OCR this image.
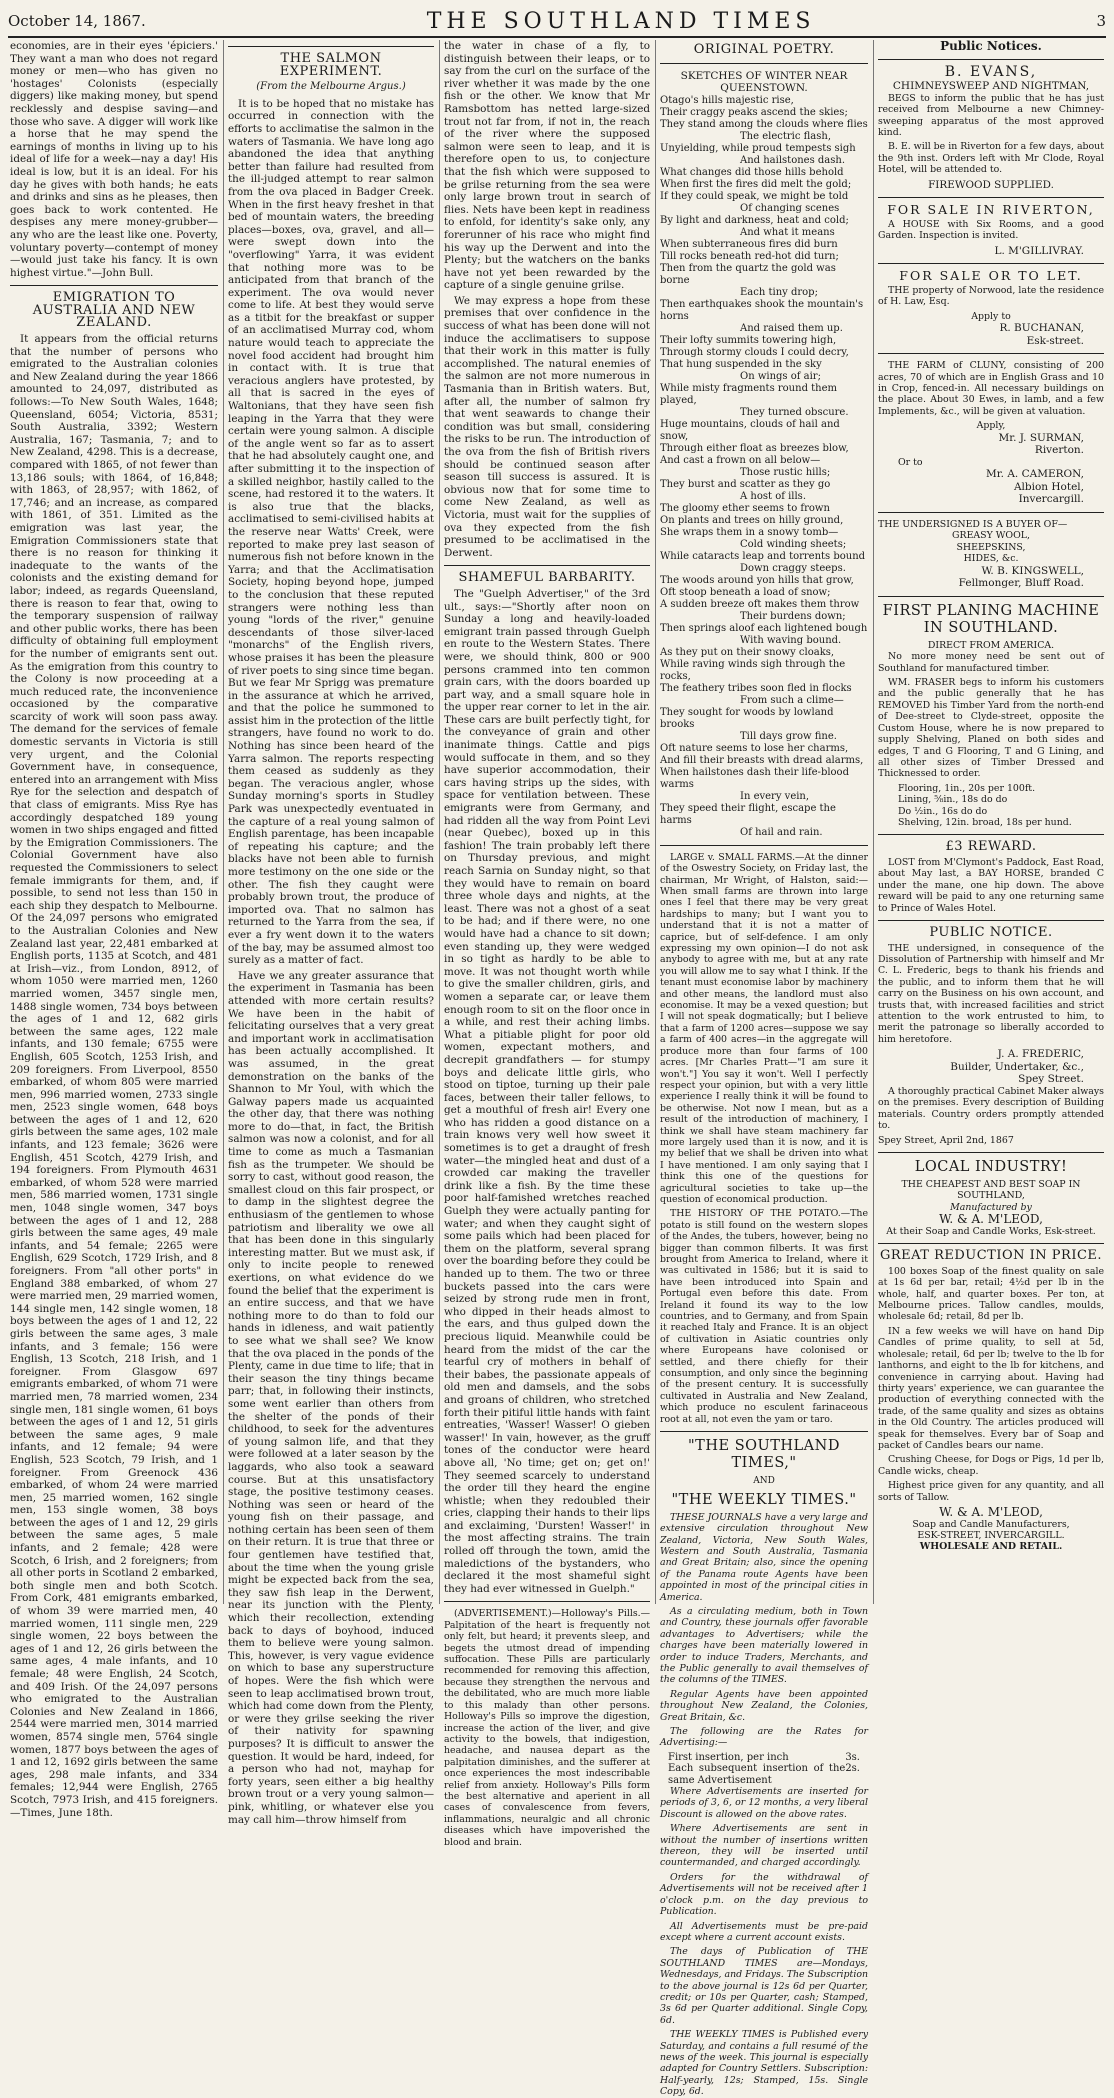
October 14, 1867.	THE SOUTHLAND TIMES	3

economies, are in their eyes 'épiciers.' They want a man who does not regard money or men—who has given no 'hostages' Colonists (especially diggers) like making money, but spend recklessly and despise saving—and those who save. A digger will work like a horse that he may spend the earnings of months in living up to his ideal of life for a week—nay a day! His ideal is low, but it is an ideal. For his day he gives with both hands; he eats and drinks and sins as he pleases, then goes back to work contented. He despises any mere money-grubber—any who are the least like one. Poverty, voluntary poverty—contempt of money—would just take his fancy. It is own highest virtue."—John Bull.

EMIGRATION TO AUSTRALIA AND NEW ZEALAND.

It appears from the official returns that the number of persons who emigrated to the Australian colonies and New Zealand during the year 1866 amounted to 24,097, distributed as follows:—To New South Wales, 1648; Queensland, 6054; Victoria, 8531; South Australia, 3392; Western Australia, 167; Tasmania, 7; and to New Zealand, 4298. This is a decrease, compared with 1865, of not fewer than 13,186 souls; with 1864, of 16,848; with 1863, of 28,957; with 1862, of 17,746; and an increase, as compared with 1861, of 351. Limited as the emigration was last year, the Emigration Commissioners state that there is no reason for thinking it inadequate to the wants of the colonists and the existing demand for labor; indeed, as regards Queensland, there is reason to fear that, owing to the temporary suspension of railway and other public works, there has been difficulty of obtaining full employment for the number of emigrants sent out. As the emigration from this country to the Colony is now proceeding at a much reduced rate, the inconvenience occasioned by the comparative scarcity of work will soon pass away. The demand for the services of female domestic servants in Victoria is still very urgent, and the Colonial Government have, in consequence, entered into an arrangement with Miss Rye for the selection and despatch of that class of emigrants. Miss Rye has accordingly despatched 189 young women in two ships engaged and fitted by the Emigration Commissioners. The Colonial Government have also requested the Commissioners to select female immigrants for them, and, if possible, to send not less than 150 in each ship they despatch to Melbourne. Of the 24,097 persons who emigrated to the Australian Colonies and New Zealand last year, 22,481 embarked at English ports, 1135 at Scotch, and 481 at Irish—viz., from London, 8912, of whom 1050 were married men, 1260 married women, 3457 single men, 1488 single women, 734 boys between the ages of 1 and 12, 682 girls between the same ages, 122 male infants, and 130 female; 6755 were English, 605 Scotch, 1253 Irish, and 209 foreigners. From Liverpool, 8550 embarked, of whom 805 were married men, 996 married women, 2733 single men, 2523 single women, 648 boys between the ages of 1 and 12, 620 girls between the same ages, 102 male infants, and 123 female; 3626 were English, 451 Scotch, 4279 Irish, and 194 foreigners. From Plymouth 4631 embarked, of whom 528 were married men, 586 married women, 1731 single men, 1048 single women, 347 boys between the ages of 1 and 12, 288 girls between the same ages, 49 male infants, and 54 female; 2265 were English, 629 Scotch, 1729 Irish, and 8 foreigners. From "all other ports" in England 388 embarked, of whom 27 were married men, 29 married women, 144 single men, 142 single women, 18 boys between the ages of 1 and 12, 22 girls between the same ages, 3 male infants, and 3 female; 156 were English, 13 Scotch, 218 Irish, and 1 foreigner. From Glasgow 697 emigrants embarked, of whom 71 were married men, 78 married women, 234 single men, 181 single women, 61 boys between the ages of 1 and 12, 51 girls between the same ages, 9 male infants, and 12 female; 94 were English, 523 Scotch, 79 Irish, and 1 foreigner. From Greenock 436 embarked, of whom 24 were married men, 25 married women, 162 single men, 153 single women, 38 boys between the ages of 1 and 12, 29 girls between the same ages, 5 male infants, and 2 female; 428 were Scotch, 6 Irish, and 2 foreigners; from all other ports in Scotland 2 embarked, both single men and both Scotch. From Cork, 481 emigrants embarked, of whom 39 were married men, 40 married women, 111 single men, 229 single women, 22 boys between the ages of 1 and 12, 26 girls between the same ages, 4 male infants, and 10 female; 48 were English, 24 Scotch, and 409 Irish. Of the 24,097 persons who emigrated to the Australian Colonies and New Zealand in 1866, 2544 were married men, 3014 married women, 8574 single men, 5764 single women, 1877 boys between the ages of 1 and 12, 1692 girls between the same ages, 298 male infants, and 334 females; 12,944 were English, 2765 Scotch, 7973 Irish, and 415 foreigners.—Times, June 18th.

THE SALMON EXPERIMENT.
(From the Melbourne Argus.)

It is to be hoped that no mistake has occurred in connection with the efforts to acclimatise the salmon in the waters of Tasmania. We have long ago abandoned the idea that anything better than failure had resulted from the ill-judged attempt to rear salmon from the ova placed in Badger Creek. When in the first heavy freshet in that bed of mountain waters, the breeding places—boxes, ova, gravel, and all—were swept down into the "overflowing" Yarra, it was evident that nothing more was to be anticipated from that branch of the experiment. The ova would never come to life. At best they would serve as a titbit for the breakfast or supper of an acclimatised Murray cod, whom nature would teach to appreciate the novel food accident had brought him in contact with. It is true that veracious anglers have protested, by all that is sacred in the eyes of Waltonians, that they have seen fish leaping in the Yarra that they were certain were young salmon. A disciple of the angle went so far as to assert that he had absolutely caught one, and after submitting it to the inspection of a skilled neighbor, hastily called to the scene, had restored it to the waters. It is also true that the blacks, acclimatised to semi-civilised habits at the reserve near Watts' Creek, were reported to make prey last season of numerous fish not before known in the Yarra; and that the Acclimatisation Society, hoping beyond hope, jumped to the conclusion that these reputed strangers were nothing less than young "lords of the river," genuine descendants of those silver-laced "monarchs" of the English rivers, whose praises it has been the pleasure of river poets to sing since time began. But we fear Mr Sprigg was premature in the assurance at which he arrived, and that the police he summoned to assist him in the protection of the little strangers, have found no work to do. Nothing has since been heard of the Yarra salmon. The reports respecting them ceased as suddenly as they began. The veracious angler, whose Sunday morning's sports in Studley Park was unexpectedly eventuated in the capture of a real young salmon of English parentage, has been incapable of repeating his capture; and the blacks have not been able to furnish more testimony on the one side or the other. The fish they caught were probably brown trout, the produce of imported ova. That no salmon has returned to the Yarra from the sea, if ever a fry went down it to the waters of the bay, may be assumed almost too surely as a matter of fact.

Have we any greater assurance that the experiment in Tasmania has been attended with more certain results? We have been in the habit of felicitating ourselves that a very great and important work in acclimatisation has been actually accomplished. It was assumed, in the great demonstration on the banks of the Shannon to Mr Youl, with which the Galway papers made us acquainted the other day, that there was nothing more to do—that, in fact, the British salmon was now a colonist, and for all time to come as much a Tasmanian fish as the trumpeter. We should be sorry to cast, without good reason, the smallest cloud on this fair prospect, or to damp in the slightest degree the enthusiasm of the gentlemen to whose patriotism and liberality we owe all that has been done in this singularly interesting matter. But we must ask, if only to incite people to renewed exertions, on what evidence do we found the belief that the experiment is an entire success, and that we have nothing more to do than to fold our hands in idleness, and wait patiently to see what we shall see? We know that the ova placed in the ponds of the Plenty, came in due time to life; that in their season the tiny things became parr; that, in following their instincts, some went earlier than others from the shelter of the ponds of their childhood, to seek for the adventures of young salmon life, and that they were followed at a later season by the laggards, who also took a seaward course. But at this unsatisfactory stage, the positive testimony ceases. Nothing was seen or heard of the young fish on their passage, and nothing certain has been seen of them on their return. It is true that three or four gentlemen have testified that, about the time when the young grisle might be expected back from the sea, they saw fish leap in the Derwent, near its junction with the Plenty, which their recollection, extending back to days of boyhood, induced them to believe were young salmon. This, however, is very vague evidence on which to base any superstructure of hopes. Were the fish which were seen to leap acclimatised brown trout, which had come down from the Plenty, or were they grilse seeking the river of their nativity for spawning purposes? It is difficult to answer the question. It would be hard, indeed, for a person who had not, mayhap for forty years, seen either a big healthy brown trout or a very young salmon—pink, whitling, or whatever else you may call him—throw himself from

the water in chase of a fly, to distinguish between their leaps, or to say from the curl on the surface of the river whether it was made by the one fish or the other. We know that Mr Ramsbottom has netted large-sized trout not far from, if not in, the reach of the river where the supposed salmon were seen to leap, and it is therefore open to us, to conjecture that the fish which were supposed to be grilse returning from the sea were only large brown trout in search of flies. Nets have been kept in readiness to enfold, for identity's sake only, any forerunner of his race who might find his way up the Derwent and into the Plenty; but the watchers on the banks have not yet been rewarded by the capture of a single genuine grilse.

We may express a hope from these premises that over confidence in the success of what has been done will not induce the acclimatisers to suppose that their work in this matter is fully accomplished. The natural enemies of the salmon are not more numerous in Tasmania than in British waters. But, after all, the number of salmon fry that went seawards to change their condition was but small, considering the risks to be run. The introduction of the ova from the fish of British rivers should be continued season after season till success is assured. It is obvious now that for some time to come New Zealand, as well as Victoria, must wait for the supplies of ova they expected from the fish presumed to be acclimatised in the Derwent.

SHAMEFUL BARBARITY.

The "Guelph Advertiser," of the 3rd ult., says:—"Shortly after noon on Sunday a long and heavily-loaded emigrant train passed through Guelph en route to the Western States. There were, we should think, 800 or 900 persons crammed into ten common grain cars, with the doors boarded up part way, and a small square hole in the upper rear corner to let in the air. These cars are built perfectly tight, for the conveyance of grain and other inanimate things. Cattle and pigs would suffocate in them, and so they have superior accommodation, their cars having strips up the sides, with space for ventilation between. These emigrants were from Germany, and had ridden all the way from Point Levi (near Quebec), boxed up in this fashion! The train probably left there on Thursday previous, and might reach Sarnia on Sunday night, so that they would have to remain on board three whole days and nights, at the least. There was not a ghost of a seat to be had; and if there were, no one would have had a chance to sit down; even standing up, they were wedged in so tight as hardly to be able to move. It was not thought worth while to give the smaller children, girls, and women a separate car, or leave them enough room to sit on the floor once in a while, and rest their aching limbs. What a pitiable plight for poor old women, expectant mothers, and decrepit grandfathers — for stumpy boys and delicate little girls, who stood on tiptoe, turning up their pale faces, between their taller fellows, to get a mouthful of fresh air! Every one who has ridden a good distance on a train knows very well how sweet it sometimes is to get a draught of fresh water—the mingled heat and dust of a crowded car making the traveller drink like a fish. By the time these poor half-famished wretches reached Guelph they were actually panting for water; and when they caught sight of some pails which had been placed for them on the platform, several sprang over the boarding before they could be handed up to them. The two or three buckets passed into the cars were seized by strong rude men in front, who dipped in their heads almost to the ears, and thus gulped down the precious liquid. Meanwhile could be heard from the midst of the car the tearful cry of mothers in behalf of their babes, the passionate appeals of old men and damsels, and the sobs and groans of children, who stretched forth their pitiful little hands with faint entreaties, 'Wasser! Wasser! O gieben wasser!' In vain, however, as the gruff tones of the conductor were heard above all, 'No time; get on; get on!' They seemed scarcely to understand the order till they heard the engine whistle; when they redoubled their cries, clapping their hands to their lips and exclaiming, 'Dursten! Wasser!' in the most affecting strains. The train rolled off through the town, amid the maledictions of the bystanders, who declared it the most shameful sight they had ever witnessed in Guelph."

(ADVERTISEMENT.)—Holloway's Pills.—Palpitation of the heart is frequently not only felt, but heard; it prevents sleep, and begets the utmost dread of impending suffocation. These Pills are particularly recommended for removing this affection, because they strengthen the nervous and the debilitated, who are much more liable to this malady than other persons. Holloway's Pills so improve the digestion, increase the action of the liver, and give activity to the bowels, that indigestion, headache, and nausea depart as the palpitation diminishes, and the sufferer at once experiences the most indescribable relief from anxiety. Holloway's Pills form the best alternative and aperient in all cases of convalescence from fevers, inflammations, neuralgic and all chronic diseases which have impoverished the blood and brain.

ORIGINAL POETRY.
SKETCHES OF WINTER NEAR QUEENSTOWN.
Otago's hills majestic rise,
Their craggy peaks ascend the skies;
They stand among the clouds where flies
The electric flash,
Unyielding, while proud tempests sigh
And hailstones dash.
What changes did those hills behold
When first the fires did melt the gold;
If they could speak, we might be told
Of changing scenes
By light and darkness, heat and cold;
And what it means
When subterraneous fires did burn
Till rocks beneath red-hot did turn;
Then from the quartz the gold was borne
Each tiny drop;
Then earthquakes shook the mountain's horns
And raised them up.
Their lofty summits towering high,
Through stormy clouds I could decry,
That hung suspended in the sky
On wings of air;
While misty fragments round them played,
They turned obscure.
Huge mountains, clouds of hail and snow,
Through either float as breezes blow,
And cast a frown on all below—
Those rustic hills;
They burst and scatter as they go
A host of ills.
The gloomy ether seems to frown
On plants and trees on hilly ground,
She wraps them in a snowy tomb—
Cold winding sheets;
While cataracts leap and torrents bound
Down craggy steeps.
The woods around yon hills that grow,
Oft stoop beneath a load of snow;
A sudden breeze oft makes them throw
Their burdens down;
Then springs aloof each lightened bough
With waving bound.
As they put on their snowy cloaks,
While raving winds sigh through the rocks,
The feathery tribes soon fled in flocks
From such a clime—
They sought for woods by lowland brooks
Till days grow fine.
Oft nature seems to lose her charms,
And fill their breasts with dread alarms,
When hailstones dash their life-blood warms
In every vein,
They speed their flight, escape the harms
Of hail and rain.

LARGE v. SMALL FARMS.—At the dinner of the Oswestry Society, on Friday last, the chairman, Mr Wright, of Halston, said:—When small farms are thrown into large ones I feel that there may be very great hardships to many; but I want you to understand that it is not a matter of caprice, but of self-defence. I am only expressing my own opinion—I do not ask anybody to agree with me, but at any rate you will allow me to say what I think. If the tenant must economise labor by machinery and other means, the landlord must also economise. It may be a vexed question; but I will not speak dogmatically; but I believe that a farm of 1200 acres—suppose we say a farm of 400 acres—in the aggregate will produce more than four farms of 100 acres. [Mr Charles Pratt—"I am sure it won't."] You say it won't. Well I perfectly respect your opinion, but with a very little experience I really think it will be found to be otherwise. Not now I mean, but as a result of the introduction of machinery, I think we shall have steam machinery far more largely used than it is now, and it is my belief that we shall be driven into what I have mentioned. I am only saying that I think this one of the questions for agricultural societies to take up—the question of economical production.

THE HISTORY OF THE POTATO.—The potato is still found on the western slopes of the Andes, the tubers, however, being no bigger than common filberts. It was first brought from America to Ireland, where it was cultivated in 1586; but it is said to have been introduced into Spain and Portugal even before this date. From Ireland it found its way to the low countries, and to Germany, and from Spain it reached Italy and France. It is an object of cultivation in Asiatic countries only where Europeans have colonised or settled, and there chiefly for their consumption, and only since the beginning of the present century. It is successfully cultivated in Australia and New Zealand, which produce no esculent farinaceous root at all, not even the yam or taro.

"THE SOUTHLAND TIMES,"
AND
"THE WEEKLY TIMES."

THESE JOURNALS have a very large and extensive circulation throughout New Zealand, Victoria, New South Wales, Western and South Australia, Tasmania and Great Britain; also, since the opening of the Panama route Agents have been appointed in most of the principal cities in America.

As a circulating medium, both in Town and Country, these journals offer favorable advantages to Advertisers; while the charges have been materially lowered in order to induce Traders, Merchants, and the Public generally to avail themselves of the columns of the TIMES.

Regular Agents have been appointed throughout New Zealand, the Colonies, Great Britain, &c.

The following are the Rates for Advertising:—

First insertion, per inch	3s.
Each subsequent insertion of the same Advertisement
2s.

Where Advertisements are inserted for periods of 3, 6, or 12 months, a very liberal Discount is allowed on the above rates.

Where Advertisements are sent in without the number of insertions written thereon, they will be inserted until countermanded, and charged accordingly.

Orders for the withdrawal of Advertisements will not be received after 1 o'clock p.m. on the day previous to Publication.

All Advertisements must be pre-paid except where a current account exists.

The days of Publication of THE SOUTHLAND TIMES are—Mondays, Wednesdays, and Fridays. The Subscription to the above journal is 12s 6d per Quarter, credit; or 10s per Quarter, cash; Stamped, 3s 6d per Quarter additional. Single Copy, 6d.

THE WEEKLY TIMES is Published every Saturday, and contains a full resumé of the news of the week. This journal is especially adapted for Country Settlers. Subscription: Half-yearly, 12s; Stamped, 15s. Single Copy, 6d.

Public Notices.
B. EVANS,
CHIMNEYSWEEP AND NIGHTMAN,

BEGS to inform the public that he has just received from Melbourne a new Chimney-sweeping apparatus of the most approved kind.

B. E. will be in Riverton for a few days, about the 9th inst. Orders left with Mr Clode, Royal Hotel, will be attended to.

FIREWOOD SUPPLIED.
FOR SALE IN RIVERTON,

A HOUSE with Six Rooms, and a good Garden. Inspection is invited.

L. M'GILLIVRAY.
FOR SALE OR TO LET.

THE property of Norwood, late the residence of H. Law, Esq.

Apply to
R. BUCHANAN,
Esk-street.

THE FARM of CLUNY, consisting of 200 acres, 70 of which are in English Grass and 10 in Crop, fenced-in. All necessary buildings on the place. About 30 Ewes, in lamb, and a few Implements, &c., will be given at valuation.

Apply,
Mr. J. SURMAN,
Riverton.
Or to
Mr. A. CAMERON,
Albion Hotel,
Invercargill.
THE UNDERSIGNED IS A BUYER OF—
GREASY WOOL,
SHEEPSKINS,
HIDES, &c.
W. B. KINGSWELL,
Fellmonger, Bluff Road.
FIRST PLANING MACHINE IN SOUTHLAND.
DIRECT FROM AMERICA.

No more money need be sent out of Southland for manufactured timber.

WM. FRASER begs to inform his customers and the public generally that he has REMOVED his Timber Yard from the north-end of Dee-street to Clyde-street, opposite the Custom House, where he is now prepared to supply Shelving, Planed on both sides and edges, T and G Flooring, T and G Lining, and all other sizes of Timber Dressed and Thicknessed to order.

Flooring, 1in., 20s per 100ft.
Lining, ⅝in., 18s do do
Do ½in., 16s do do
Shelving, 12in. broad, 18s per hund.
£3 REWARD.

LOST from M'Clymont's Paddock, East Road, about May last, a BAY HORSE, branded C under the mane, one hip down. The above reward will be paid to any one returning same to Prince of Wales Hotel.

PUBLIC NOTICE.

THE undersigned, in consequence of the Dissolution of Partnership with himself and Mr C. L. Frederic, begs to thank his friends and the public, and to inform them that he will carry on the Business on his own account, and trusts that, with increased facilities and strict attention to the work entrusted to him, to merit the patronage so liberally accorded to him heretofore.

J. A. FREDERIC,
Builder, Undertaker, &c.,
Spey Street.

A thoroughly practical Cabinet Maker always on the premises. Every description of Building materials. Country orders promptly attended to.

Spey Street, April 2nd, 1867
LOCAL INDUSTRY!
THE CHEAPEST AND BEST SOAP IN SOUTHLAND,
Manufactured by
W. & A. M'LEOD,
At their Soap and Candle Works, Esk-street.
GREAT REDUCTION IN PRICE.

100 boxes Soap of the finest quality on sale at 1s 6d per bar, retail; 4½d per lb in the whole, half, and quarter boxes. Per ton, at Melbourne prices. Tallow candles, moulds, wholesale 6d; retail, 8d per lb.

IN a few weeks we will have on hand Dip Candles of prime quality, to sell at 5d, wholesale; retail, 6d per lb; twelve to the lb for lanthorns, and eight to the lb for kitchens, and convenience in carrying about. Having had thirty years' experience, we can guarantee the production of everything connected with the trade, of the same quality and sizes as obtains in the Old Country. The articles produced will speak for themselves. Every bar of Soap and packet of Candles bears our name.

Crushing Cheese, for Dogs or Pigs, 1d per lb, Candle wicks, cheap.

Highest price given for any quantity, and all sorts of Tallow.

W. & A. M'LEOD,
Soap and Candle Manufacturers,
ESK-STREET, INVERCARGILL.
WHOLESALE AND RETAIL.
